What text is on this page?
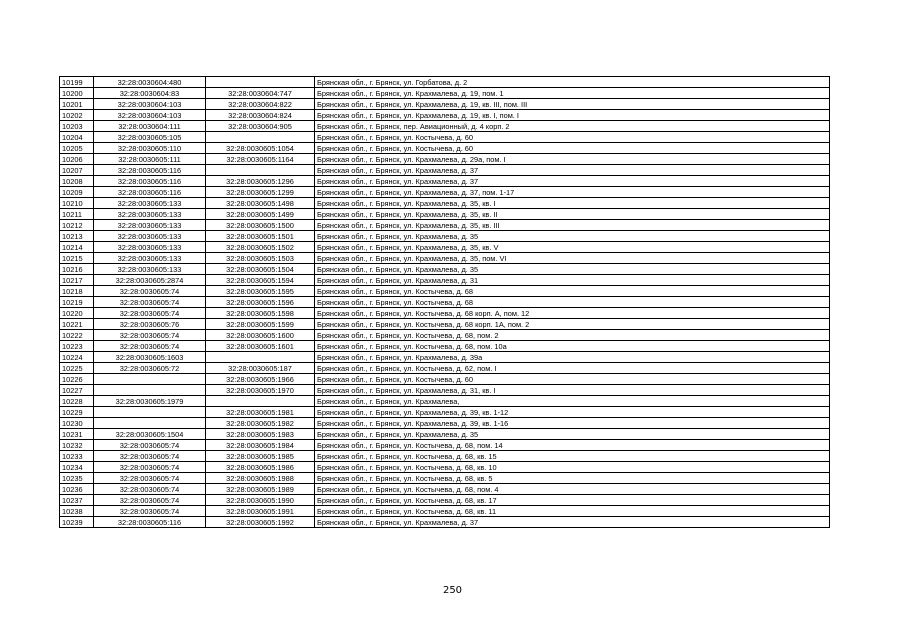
10199	32:28:0030604:480		Брянская обл., г. Брянск, ул. Горбатова, д. 2
10200	32:28:0030604:83	32:28:0030604:747	Брянская обл., г. Брянск, ул. Крахмалева, д. 19, пом. 1
10201	32:28:0030604:103	32:28:0030604:822	Брянская обл., г. Брянск, ул. Крахмалева, д. 19, кв. III, пом. III
10202	32:28:0030604:103	32:28:0030604:824	Брянская обл., г. Брянск, ул. Крахмалева, д. 19, кв. I, пом. I
10203	32:28:0030604:111	32:28:0030604:905	Брянская обл., г. Брянск, пер. Авиационный, д. 4 корп. 2
10204	32:28:0030605:105		Брянская обл., г. Брянск, ул. Костычева, д. 60
10205	32:28:0030605:110	32:28:0030605:1054	Брянская обл., г. Брянск, ул. Костычева, д. 60
10206	32:28:0030605:111	32:28:0030605:1164	Брянская обл., г. Брянск, ул. Крахмалева, д. 29а, пом. I
10207	32:28:0030605:116		Брянская обл., г. Брянск, ул. Крахмалева, д. 37
10208	32:28:0030605:116	32:28:0030605:1296	Брянская обл., г. Брянск, ул. Крахмалева, д. 37
10209	32:28:0030605:116	32:28:0030605:1299	Брянская обл., г. Брянск, ул. Крахмалева, д. 37, пом. 1-17
10210	32:28:0030605:133	32:28:0030605:1498	Брянская обл., г. Брянск, ул. Крахмалева, д. 35, кв. I
10211	32:28:0030605:133	32:28:0030605:1499	Брянская обл., г. Брянск, ул. Крахмалева, д. 35, кв. II
10212	32:28:0030605:133	32:28:0030605:1500	Брянская обл., г. Брянск, ул. Крахмалева, д. 35, кв. III
10213	32:28:0030605:133	32:28:0030605:1501	Брянская обл., г. Брянск, ул. Крахмалева, д. 35
10214	32:28:0030605:133	32:28:0030605:1502	Брянская обл., г. Брянск, ул. Крахмалева, д. 35, кв. V
10215	32:28:0030605:133	32:28:0030605:1503	Брянская обл., г. Брянск, ул. Крахмалева, д. 35, пом. VI
10216	32:28:0030605:133	32:28:0030605:1504	Брянская обл., г. Брянск, ул. Крахмалева, д. 35
10217	32:28:0030605:2874	32:28:0030605:1594	Брянская обл., г. Брянск, ул. Крахмалева, д. 31
10218	32:28:0030605:74	32:28:0030605:1595	Брянская обл., г. Брянск, ул. Костычева, д. 68
10219	32:28:0030605:74	32:28:0030605:1596	Брянская обл., г. Брянск, ул. Костычева, д. 68
10220	32:28:0030605:74	32:28:0030605:1598	Брянская обл., г. Брянск, ул. Костычева, д. 68 корп. А, пом. 12
10221	32:28:0030605:76	32:28:0030605:1599	Брянская обл., г. Брянск, ул. Костычева, д. 68 корп. 1А, пом. 2
10222	32:28:0030605:74	32:28:0030605:1600	Брянская обл., г. Брянск, ул. Костычева, д. 68, пом. 2
10223	32:28:0030605:74	32:28:0030605:1601	Брянская обл., г. Брянск, ул. Костычева, д. 68, пом. 10а
10224	32:28:0030605:1603		Брянская обл., г. Брянск, ул. Крахмалева, д. 39а
10225	32:28:0030605:72	32:28:0030605:187	Брянская обл., г. Брянск, ул. Костычева, д. 62, пом. I
10226		32:28:0030605:1966	Брянская обл., г. Брянск, ул. Костычева, д. 60
10227		32:28:0030605:1970	Брянская обл., г. Брянск, ул. Крахмалева, д. 31, кв. I
10228	32:28:0030605:1979		Брянская обл., г. Брянск, ул. Крахмалева,
10229		32:28:0030605:1981	Брянская обл., г. Брянск, ул. Крахмалева, д. 39, кв. 1-12
10230		32:28:0030605:1982	Брянская обл., г. Брянск, ул. Крахмалева, д. 39, кв. 1-16
10231	32:28:0030605:1504	32:28:0030605:1983	Брянская обл., г. Брянск, ул. Крахмалева, д. 35
10232	32:28:0030605:74	32:28:0030605:1984	Брянская обл., г. Брянск, ул. Костычева, д. 68, пом. 14
10233	32:28:0030605:74	32:28:0030605:1985	Брянская обл., г. Брянск, ул. Костычева, д. 68, кв. 15
10234	32:28:0030605:74	32:28:0030605:1986	Брянская обл., г. Брянск, ул. Костычева, д. 68, кв. 10
10235	32:28:0030605:74	32:28:0030605:1988	Брянская обл., г. Брянск, ул. Костычева, д. 68, кв. 5
10236	32:28:0030605:74	32:28:0030605:1989	Брянская обл., г. Брянск, ул. Костычева, д. 68, пом. 4
10237	32:28:0030605:74	32:28:0030605:1990	Брянская обл., г. Брянск, ул. Костычева, д. 68, кв. 17
10238	32:28:0030605:74	32:28:0030605:1991	Брянская обл., г. Брянск, ул. Костычева, д. 68, кв. 11
10239	32:28:0030605:116	32:28:0030605:1992	Брянская обл., г. Брянск, ул. Крахмалева, д. 37
250
